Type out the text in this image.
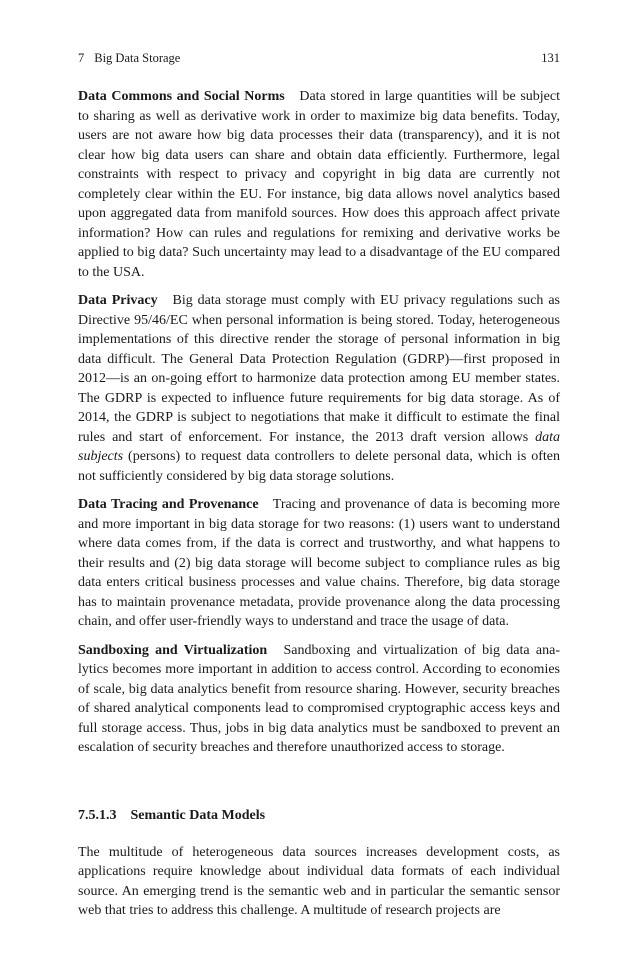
7 Big Data Storage	131

Data Commons and Social Norms Data stored in large quantities will be subject to sharing as well as derivative work in order to maximize big data benefits. Today, users are not aware how big data processes their data (transparency), and it is not clear how big data users can share and obtain data efficiently. Furthermore, legal constraints with respect to privacy and copyright in big data are currently not completely clear within the EU. For instance, big data allows novel analytics based upon aggregated data from manifold sources. How does this approach affect private information? How can rules and regulations for remixing and derivative works be applied to big data? Such uncertainty may lead to a disadvantage of the EU compared to the USA.

Data Privacy Big data storage must comply with EU privacy regulations such as Directive 95/46/EC when personal information is being stored. Today, heterogeneous implementations of this directive render the storage of personal information in big data difficult. The General Data Protection Regulation (GDRP)—first proposed in 2012—is an on-going effort to harmonize data protection among EU member states. The GDRP is expected to influence future requirements for big data storage. As of 2014, the GDRP is subject to negotiations that make it difficult to estimate the final rules and start of enforcement. For instance, the 2013 draft version allows data subjects (persons) to request data controllers to delete personal data, which is often not sufficiently considered by big data storage solutions.

Data Tracing and Provenance Tracing and provenance of data is becoming more and more important in big data storage for two reasons: (1) users want to understand where data comes from, if the data is correct and trustworthy, and what happens to their results and (2) big data storage will become subject to compliance rules as big data enters critical business processes and value chains. Therefore, big data storage has to maintain provenance metadata, provide provenance along the data processing chain, and offer user-friendly ways to understand and trace the usage of data.

Sandboxing and Virtualization Sandboxing and virtualization of big data analytics becomes more important in addition to access control. According to economies of scale, big data analytics benefit from resource sharing. However, security breaches of shared analytical components lead to compromised cryptographic access keys and full storage access. Thus, jobs in big data analytics must be sandboxed to prevent an escalation of security breaches and therefore unauthorized access to storage.

7.5.1.3 Semantic Data Models

The multitude of heterogeneous data sources increases development costs, as applications require knowledge about individual data formats of each individual source. An emerging trend is the semantic web and in particular the semantic sensor web that tries to address this challenge. A multitude of research projects are
